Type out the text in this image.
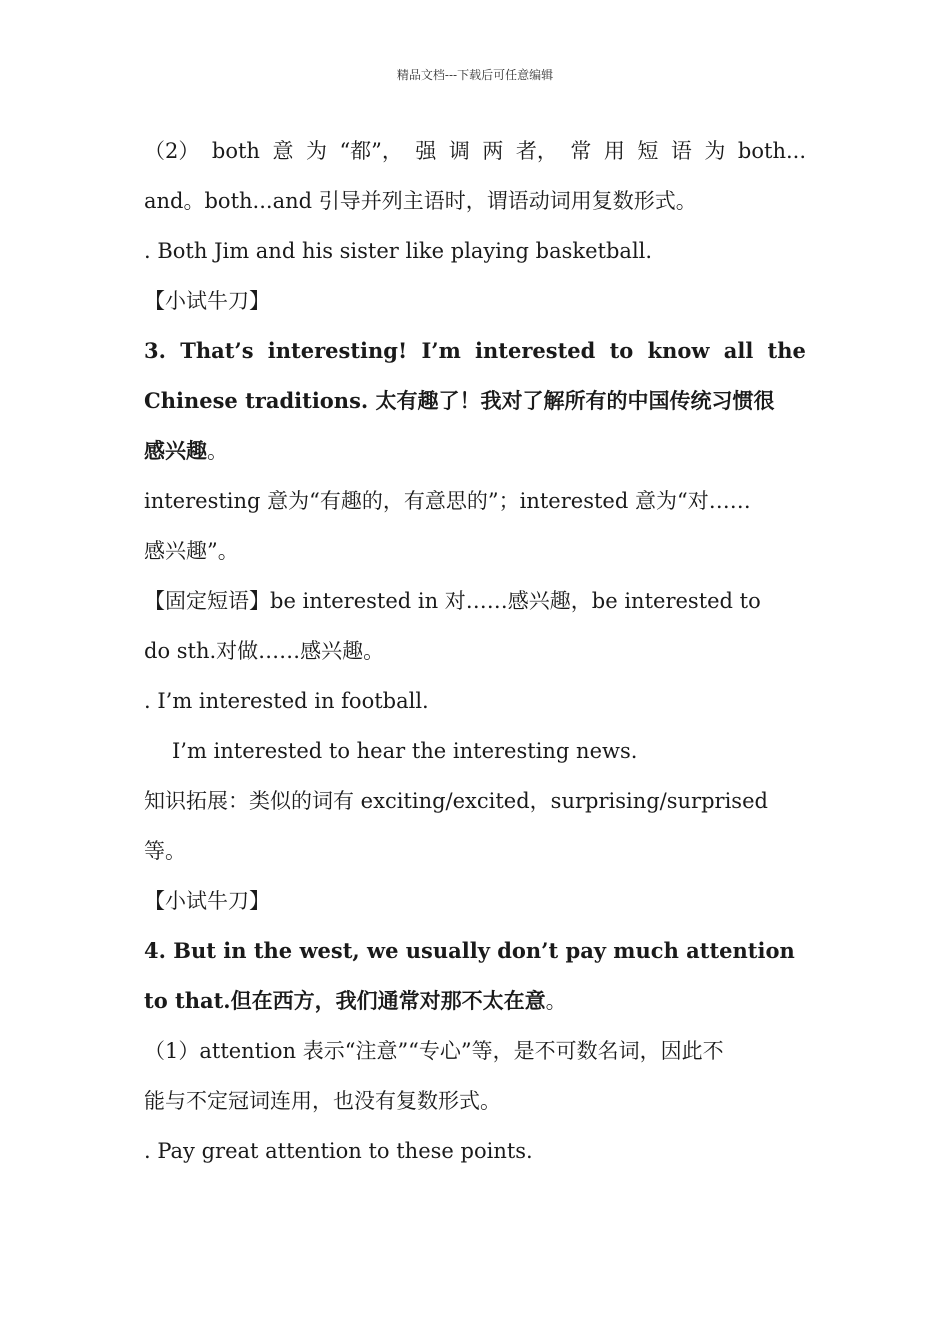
精品文档---下载后可任意编辑
（2） both 意 为 “都”， 强 调 两 者， 常 用 短 语 为 both...
and。both...and 引导并列主语时，谓语动词用复数形式。
. Both Jim and his sister like playing basketball.
【小试牛刀】
3. That’s interesting! I’m interested to know all the
Chinese traditions. 太有趣了！我对了解所有的中国传统习惯很
感兴趣。
interesting 意为“有趣的，有意思的”；interested 意为“对……
感兴趣”。
【固定短语】be interested in 对……感兴趣，be interested to
do sth.对做……感兴趣。
. I’m interested in football.
I’m interested to hear the interesting news.
知识拓展：类似的词有 exciting/excited，surprising/surprised
等。
【小试牛刀】
4. But in the west, we usually don’t pay much attention
to that.但在西方，我们通常对那不太在意。
（1）attention 表示“注意”“专心”等，是不可数名词，因此不
能与不定冠词连用，也没有复数形式。
. Pay great attention to these points.
